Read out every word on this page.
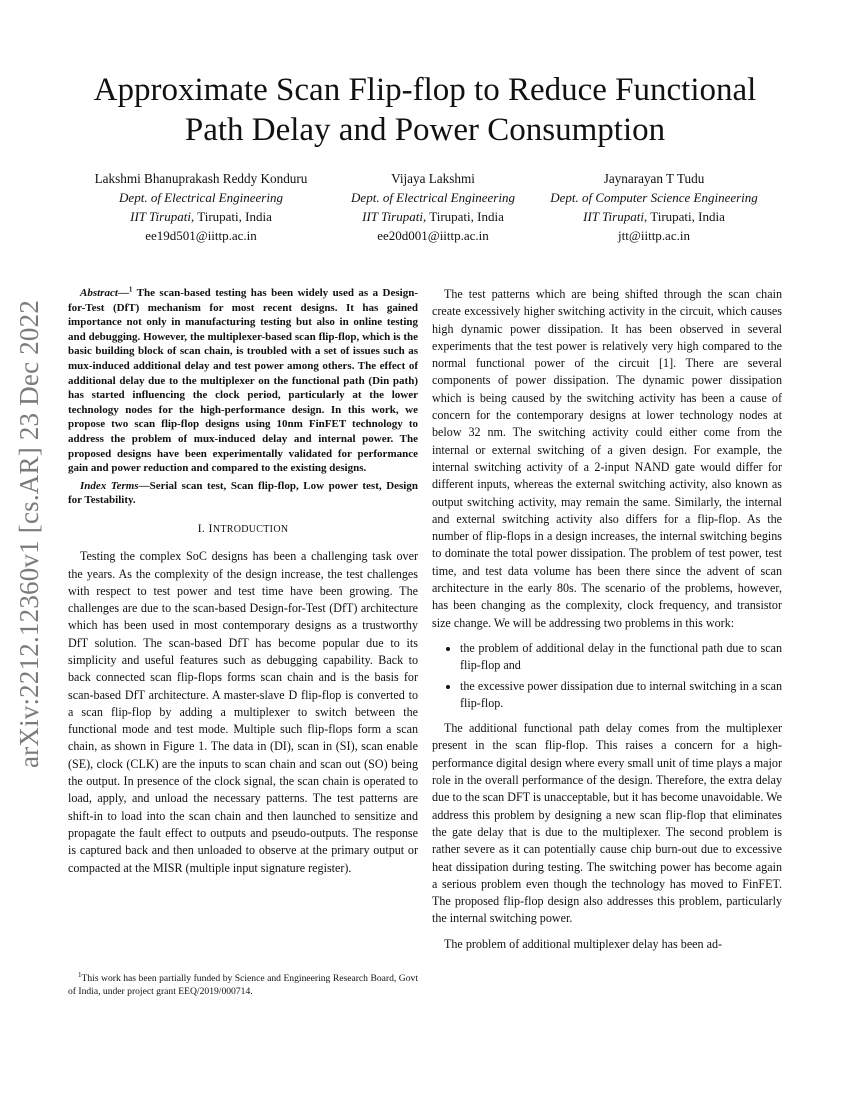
arXiv:2212.12360v1 [cs.AR] 23 Dec 2022
Approximate Scan Flip-flop to Reduce Functional Path Delay and Power Consumption
Lakshmi Bhanuprakash Reddy Konduru
Dept. of Electrical Engineering
IIT Tirupati, Tirupati, India
ee19d501@iittp.ac.in
Vijaya Lakshmi
Dept. of Electrical Engineering
IIT Tirupati, Tirupati, India
ee20d001@iittp.ac.in
Jaynarayan T Tudu
Dept. of Computer Science Engineering
IIT Tirupati, Tirupati, India
jtt@iittp.ac.in

Abstract—$^1$ The scan-based testing has been widely used as a Design-for-Test (DfT) mechanism for most recent designs. It has gained importance not only in manufacturing testing but also in online testing and debugging. However, the multiplexer-based scan flip-flop, which is the basic building block of scan chain, is troubled with a set of issues such as mux-induced additional delay and test power among others. The effect of additional delay due to the multiplexer on the functional path (Din path) has started influencing the clock period, particularly at the lower technology nodes for the high-performance design. In this work, we propose two scan flip-flop designs using 10nm FinFET technology to address the problem of mux-induced delay and internal power. The proposed designs have been experimentally validated for performance gain and power reduction and compared to the existing designs.

Index Terms—Serial scan test, Scan flip-flop, Low power test, Design for Testability.

I. INTRODUCTION

Testing the complex SoC designs has been a challenging task over the years. As the complexity of the design increase, the test challenges with respect to test power and test time have been growing. The challenges are due to the scan-based Design-for-Test (DfT) architecture which has been used in most contemporary designs as a trustworthy DfT solution. The scan-based DfT has become popular due to its simplicity and useful features such as debugging capability. Back to back connected scan flip-flops forms scan chain and is the basis for scan-based DfT architecture. A master-slave D flip-flop is converted to a scan flip-flop by adding a multiplexer to switch between the functional mode and test mode. Multiple such flip-flops form a scan chain, as shown in Figure 1. The data in (DI), scan in (SI), scan enable (SE), clock (CLK) are the inputs to scan chain and scan out (SO) being the output. In presence of the clock signal, the scan chain is operated to load, apply, and unload the necessary patterns. The test patterns are shift-in to load into the scan chain and then launched to sensitize and propagate the fault effect to outputs and pseudo-outputs. The response is captured back and then unloaded to observe at the primary output or compacted at the MISR (multiple input signature register).

$^1$This work has been partially funded by Science and Engineering Research Board, Govt of India, under project grant EEQ/2019/000714.

The test patterns which are being shifted through the scan chain create excessively higher switching activity in the circuit, which causes high dynamic power dissipation. It has been observed in several experiments that the test power is relatively very high compared to the normal functional power of the circuit [1]. There are several components of power dissipation. The dynamic power dissipation which is being caused by the switching activity has been a cause of concern for the contemporary designs at lower technology nodes at below 32 nm. The switching activity could either come from the internal or external switching of a given design. For example, the internal switching activity of a 2-input NAND gate would differ for different inputs, whereas the external switching activity, also known as output switching activity, may remain the same. Similarly, the internal and external switching activity also differs for a flip-flop. As the number of flip-flops in a design increases, the internal switching begins to dominate the total power dissipation. The problem of test power, test time, and test data volume has been there since the advent of scan architecture in the early 80s. The scenario of the problems, however, has been changing as the complexity, clock frequency, and transistor size change. We will be addressing two problems in this work:

• the problem of additional delay in the functional path due to scan flip-flop and
• the excessive power dissipation due to internal switching in a scan flip-flop.

The additional functional path delay comes from the multiplexer present in the scan flip-flop. This raises a concern for a high-performance digital design where every small unit of time plays a major role in the overall performance of the design. Therefore, the extra delay due to the scan DFT is unacceptable, but it has become unavoidable. We address this problem by designing a new scan flip-flop that eliminates the gate delay that is due to the multiplexer. The second problem is rather severe as it can potentially cause chip burn-out due to excessive heat dissipation during testing. The switching power has become again a serious problem even though the technology has moved to FinFET. The proposed flip-flop design also addresses this problem, particularly the internal switching power.

The problem of additional multiplexer delay has been ad-
